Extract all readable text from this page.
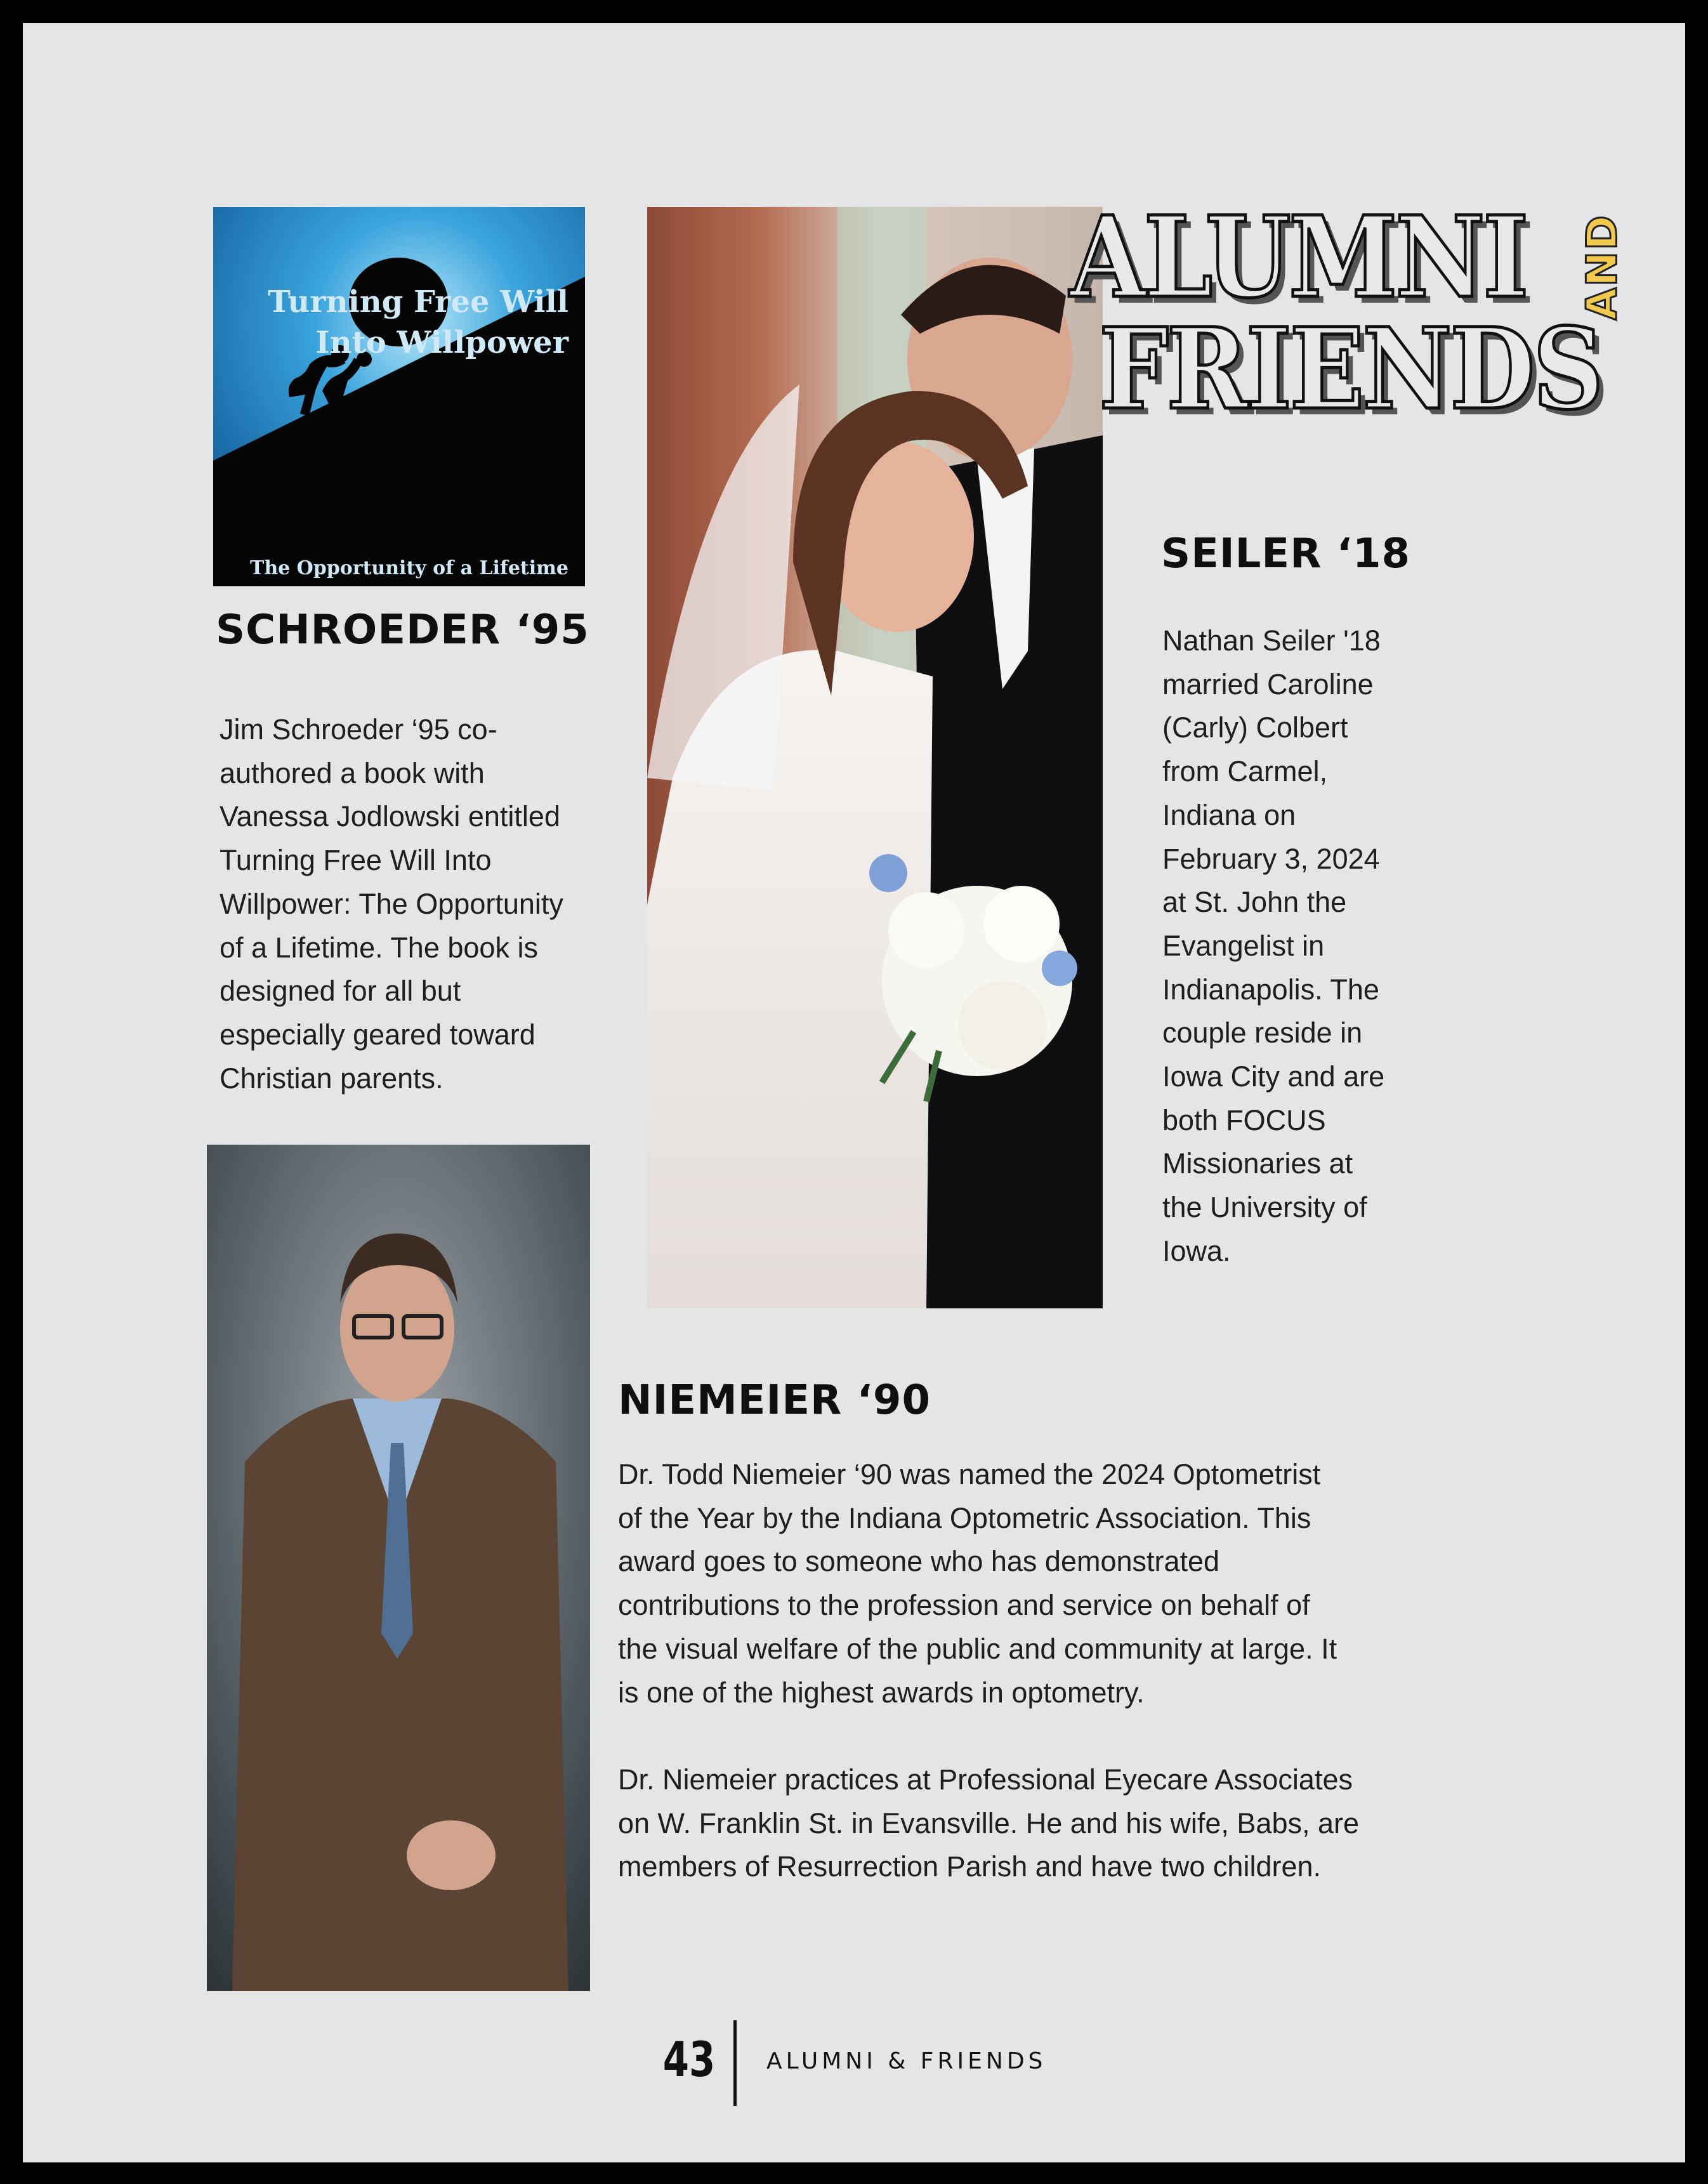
Turning Free Will
Into Willpower
The Opportunity of a Lifetime
SCHROEDER ‘95

Jim Schroeder ‘95 co-

authored a book with

Vanessa Jodlowski entitled

Turning Free Will Into

Willpower: The Opportunity

of a Lifetime. The book is

designed for all but

especially geared toward

Christian parents.

ALUMNI AND
FRIENDS
SEILER ‘18

Nathan Seiler '18

married Caroline

(Carly) Colbert

from Carmel,

Indiana on

February 3, 2024

at St. John the

Evangelist in

Indianapolis. The

couple reside in

Iowa City and are

both FOCUS

Missionaries at

the University of

Iowa.

NIEMEIER ‘90

Dr. Todd Niemeier ‘90 was named the 2024 Optometrist

of the Year by the Indiana Optometric Association. This

award goes to someone who has demonstrated

contributions to the profession and service on behalf of

the visual welfare of the public and community at large. It

is one of the highest awards in optometry.

Dr. Niemeier practices at Professional Eyecare Associates

on W. Franklin St. in Evansville. He and his wife, Babs, are

members of Resurrection Parish and have two children.

43	ALUMNI & FRIENDS
